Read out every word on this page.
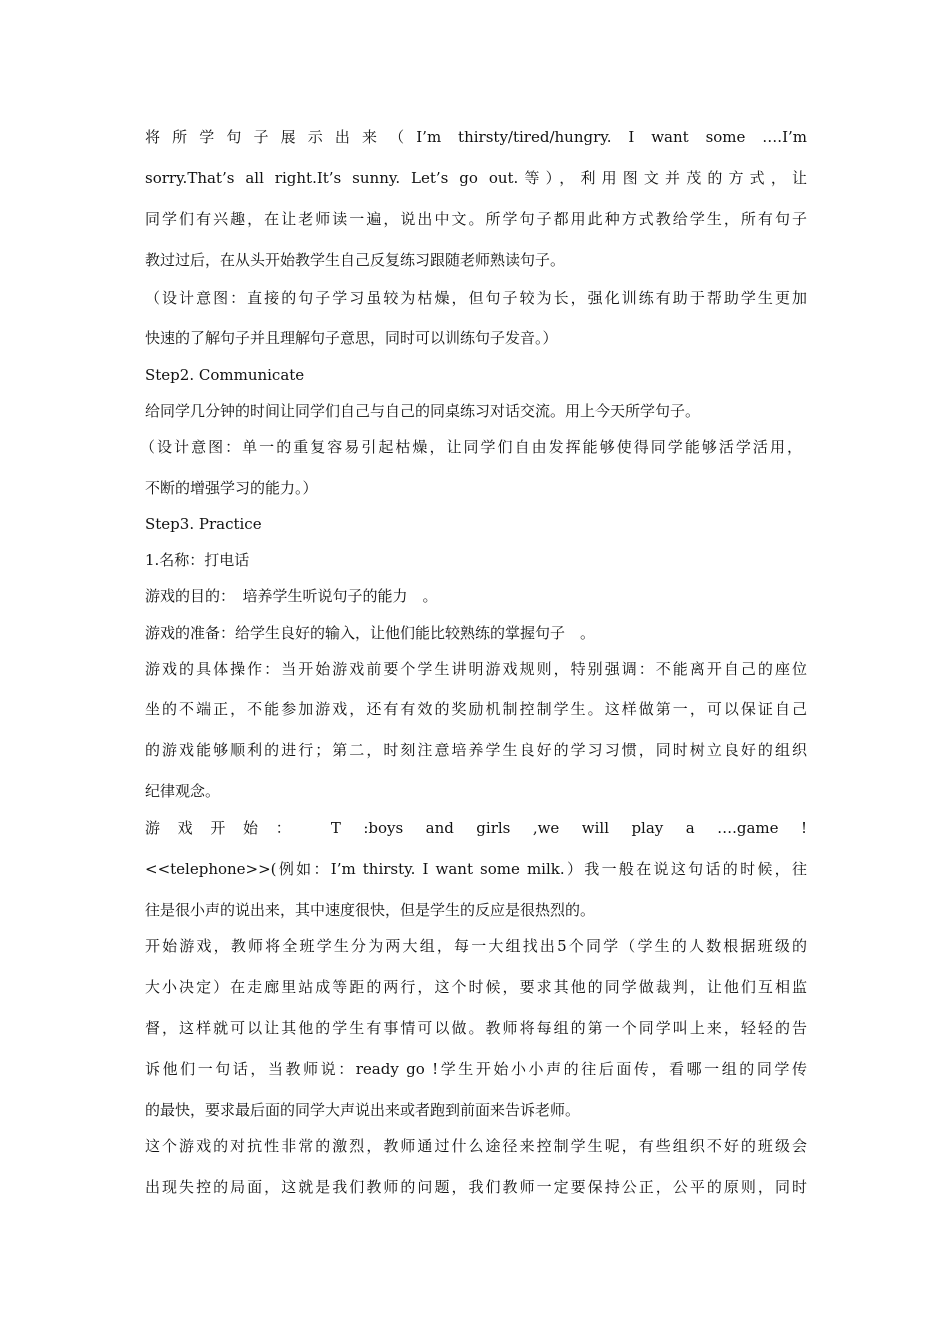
将所学句子展示出来（I’m thirsty/tired/hungry. I want some ….I’m
sorry.That’s all right.It’s sunny. Let’s go out.等），利用图文并茂的方式，让
同学们有兴趣，在让老师读一遍，说出中文。所学句子都用此种方式教给学生，所有句子
教过过后，在从头开始教学生自己反复练习跟随老师熟读句子。
（设计意图：直接的句子学习虽较为枯燥，但句子较为长，强化训练有助于帮助学生更加
快速的了解句子并且理解句子意思，同时可以训练句子发音。）
Step2. Communicate
给同学几分钟的时间让同学们自己与自己的同桌练习对话交流。用上今天所学句子。
（设计意图：单一的重复容易引起枯燥，让同学们自由发挥能够使得同学能够活学活用，
不断的增强学习的能力。）
Step3. Practice
1.名称：打电话
游戏的目的：　培养学生听说句子的能力　。
游戏的准备：给学生良好的输入，让他们能比较熟练的掌握句子　。
游戏的具体操作：当开始游戏前要个学生讲明游戏规则，特别强调：不能离开自己的座位
坐的不端正，不能参加游戏，还有有效的奖励机制控制学生。这样做第一，可以保证自己
的游戏能够顺利的进行；第二，时刻注意培养学生良好的学习习惯，同时树立良好的组织
纪律观念。
游戏开始： T :boys and girls ,we will play a ….game !
<<telephone>>(例如：I’m thirsty. I want some milk.）我一般在说这句话的时候，往
往是很小声的说出来，其中速度很快，但是学生的反应是很热烈的。
开始游戏，教师将全班学生分为两大组，每一大组找出5个同学（学生的人数根据班级的
大小决定）在走廊里站成等距的两行，这个时候，要求其他的同学做裁判，让他们互相监
督，这样就可以让其他的学生有事情可以做。教师将每组的第一个同学叫上来，轻轻的告
诉他们一句话，当教师说：ready go !学生开始小小声的往后面传，看哪一组的同学传
的最快，要求最后面的同学大声说出来或者跑到前面来告诉老师。
这个游戏的对抗性非常的激烈，教师通过什么途径来控制学生呢，有些组织不好的班级会
出现失控的局面，这就是我们教师的问题，我们教师一定要保持公正，公平的原则，同时
